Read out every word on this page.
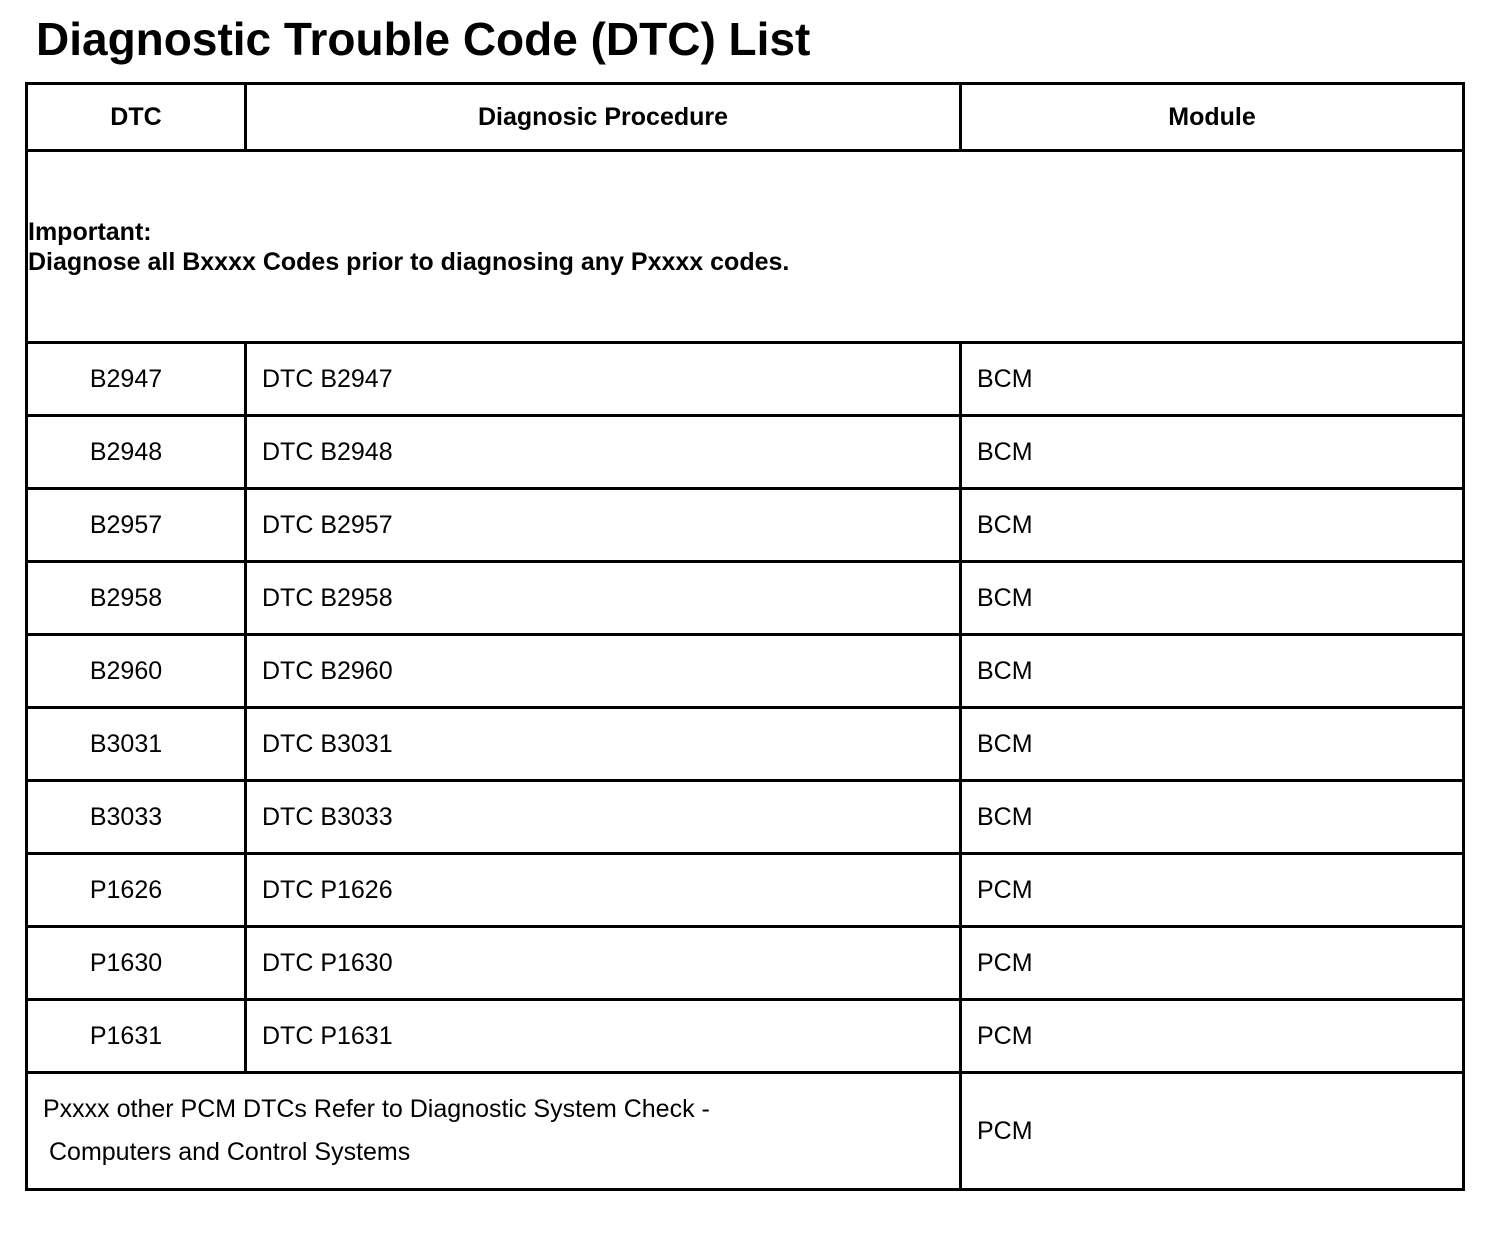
Diagnostic Trouble Code (DTC) List
DTC	Diagnosic Procedure	Module

Important:
Diagnose all Bxxxx Codes prior to diagnosing any Pxxxx codes.		

B2947	DTC B2947	BCM
B2948	DTC B2948	BCM
B2957	DTC B2957	BCM
B2958	DTC B2958	BCM
B2960	DTC B2960	BCM
B3031	DTC B3031	BCM
B3033	DTC B3033	BCM
P1626	DTC P1626	PCM
P1630	DTC P1630	PCM
P1631	DTC P1631	PCM

Pxxxx other PCM DTCs Refer to Diagnostic System Check -
Computers and Control Systems		PCM
